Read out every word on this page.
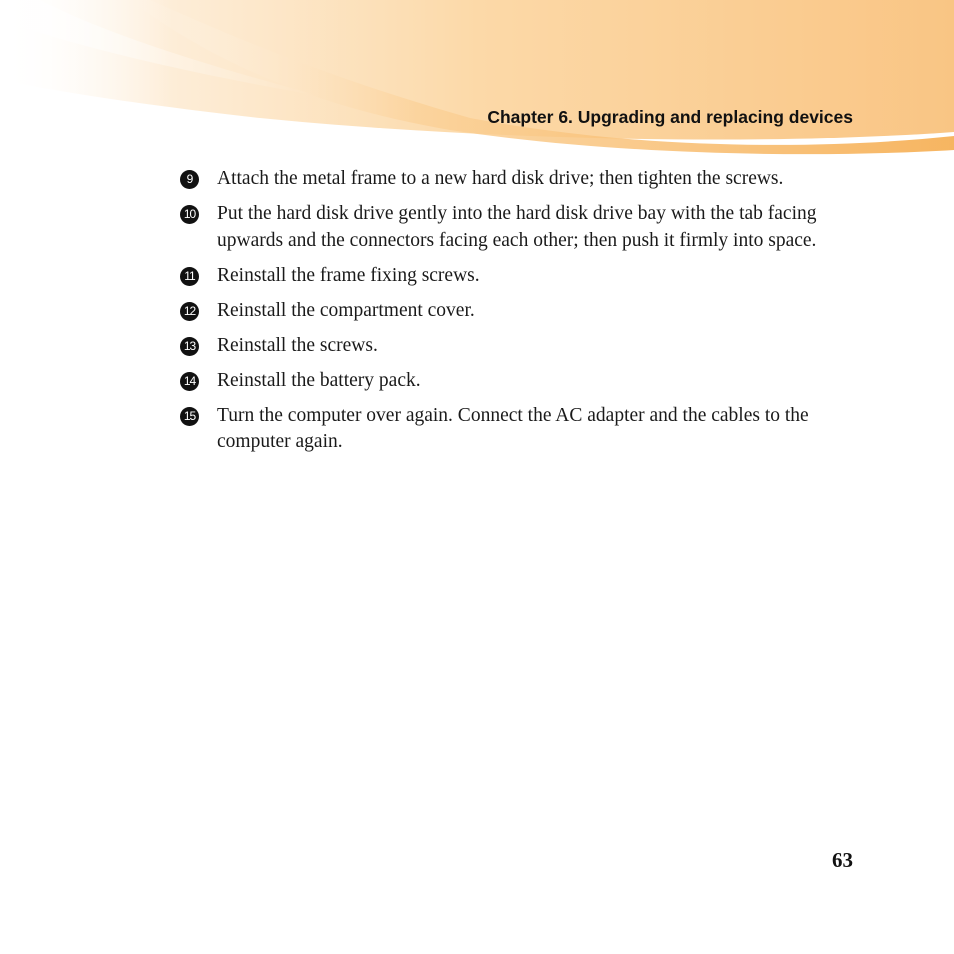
Chapter 6. Upgrading and replacing devices
9	Attach the metal frame to a new hard disk drive; then tighten the screws.
10 Put the hard disk drive gently into the hard disk drive bay with the tab facing upwards and the connectors facing each other; then push it firmly into space.
11 Reinstall the frame fixing screws.
12 Reinstall the compartment cover.
13 Reinstall the screws.
14 Reinstall the battery pack.
15 Turn the computer over again. Connect the AC adapter and the cables to the computer again.
63
